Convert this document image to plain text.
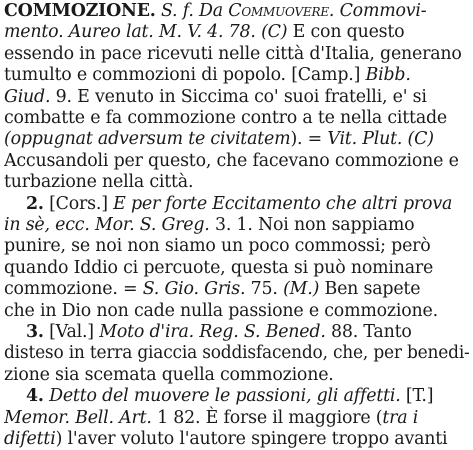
COMMOZIONE. S. f. Da Commuovere. Commovi-
mento. Aureo lat. M. V. 4. 78. (C) E con questo
essendo in pace ricevuti nelle città d'Italia, generano
tumulto e commozioni di popolo. [Camp.] Bibb.
Giud. 9. E venuto in Siccima co' suoi fratelli, e' si
combatte e fa commozione contro a te nella cittade
(oppugnat adversum te civitatem). = Vit. Plut. (C)
Accusandoli per questo, che facevano commozione e
turbazione nella città.
2. [Cors.] E per forte Eccitamento che altri prova
in sè, ecc. Mor. S. Greg. 3. 1. Noi non sappiamo
punire, se noi non siamo un poco commossi; però
quando Iddio ci percuote, questa si può nominare
commozione. = S. Gio. Gris. 75. (M.) Ben sapete
che in Dio non cade nulla passione e commozione.
3. [Val.] Moto d'ira. Reg. S. Bened. 88. Tanto
disteso in terra giaccia soddisfacendo, che, per benedi-
zione sia scemata quella commozione.
4. Detto del muovere le passioni, gli affetti. [T.]
Memor. Bell. Art. 1 82. È forse il maggiore (tra i
difetti) l'aver voluto l'autore spingere troppo avanti
